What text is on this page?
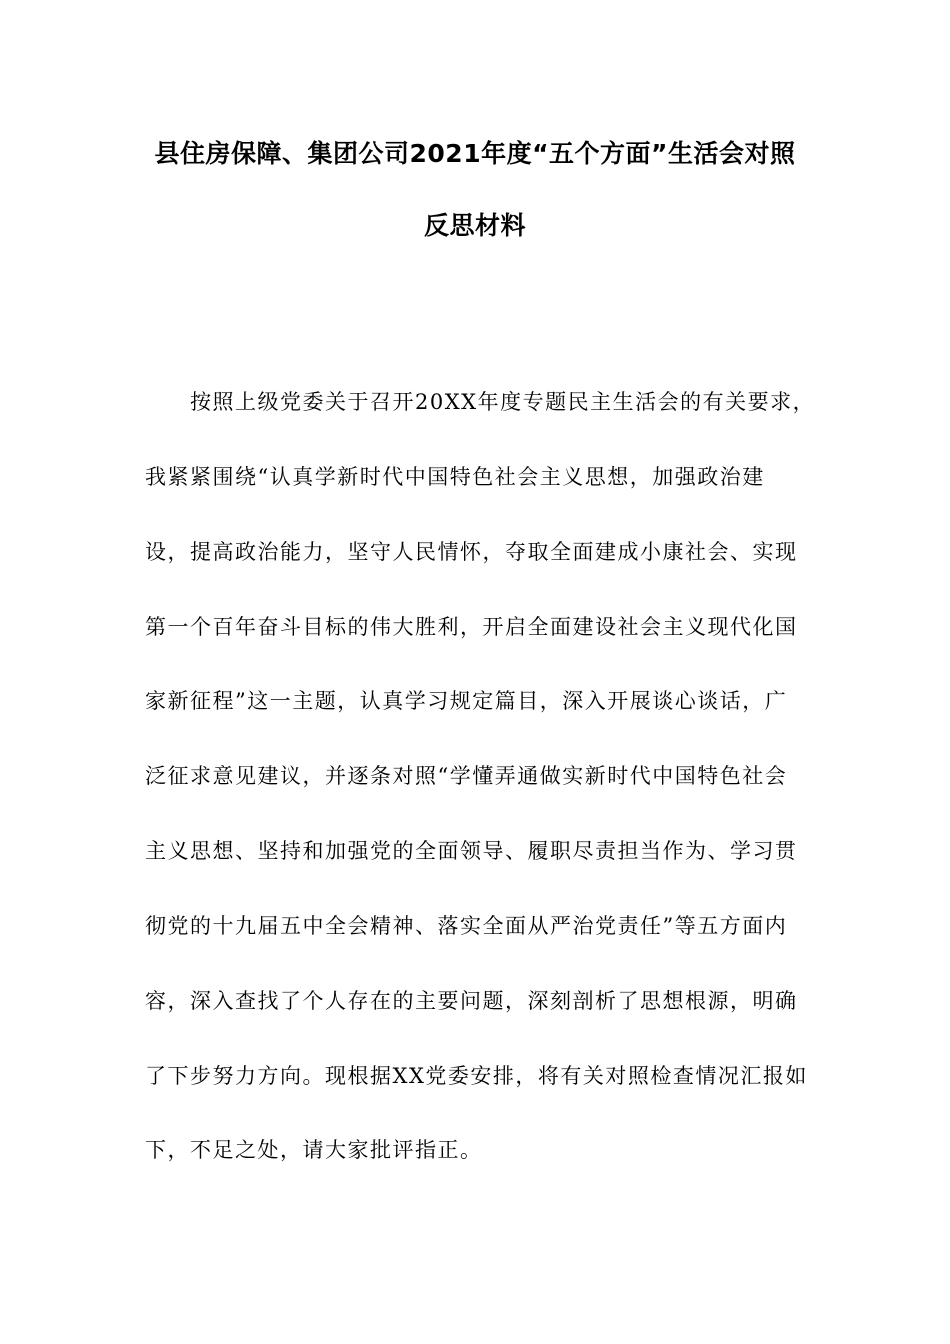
县住房保障、集团公司2021年度“五个方面”生活会对照
反思材料
按照上级党委关于召开20XX年度专题民主生活会的有关要求，
我紧紧围绕“认真学新时代中国特色社会主义思想，加强政治建
设，提高政治能力，坚守人民情怀，夺取全面建成小康社会、实现
第一个百年奋斗目标的伟大胜利，开启全面建设社会主义现代化国
家新征程”这一主题，认真学习规定篇目，深入开展谈心谈话，广
泛征求意见建议，并逐条对照“学懂弄通做实新时代中国特色社会
主义思想、坚持和加强党的全面领导、履职尽责担当作为、学习贯
彻党的十九届五中全会精神、落实全面从严治党责任”等五方面内
容，深入查找了个人存在的主要问题，深刻剖析了思想根源，明确
了下步努力方向。现根据XX党委安排，将有关对照检查情况汇报如
下，不足之处，请大家批评指正。
